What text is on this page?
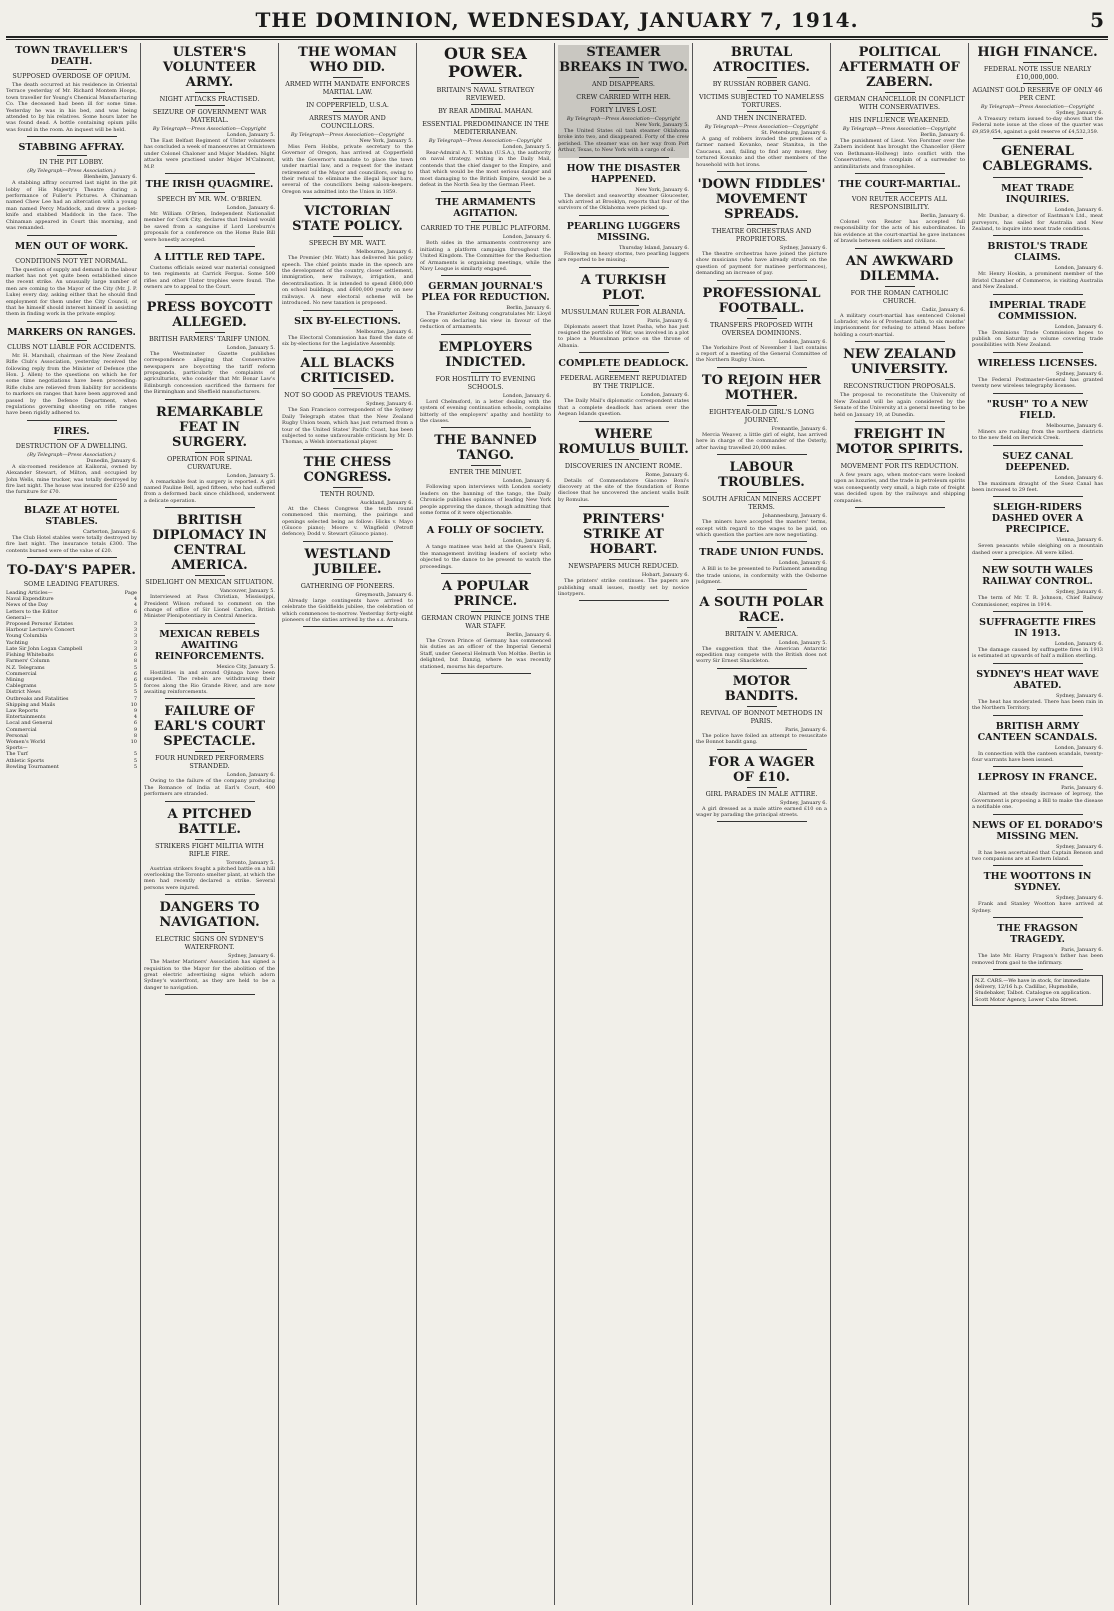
THE DOMINION, WEDNESDAY, JANUARY 7, 1914.	5
TOWN TRAVELLER'S DEATH.
SUPPOSED OVERDOSE OF OPIUM.

The death occurred at his residence in Oriental Terrace yesterday of Mr. Richard Montem Hoops, town traveller for Young's Chemical Manufacturing Co. The deceased had been ill for some time. Yesterday he was in his bed, and was being attended to by his relatives. Some hours later he was found dead. A bottle containing opium pills was found in the room. An inquest will be held.

STABBING AFFRAY.
IN THE PIT LOBBY.
(By Telegraph—Press Association.)
Blenheim, January 6.

A stabbing affray occurred last night in the pit lobby of His Majesty's Theatre during a performance of Fuller's Pictures. A Chinaman named Chew Lee had an altercation with a young man named Percy Maddock, and drew a pocket-knife and stabbed Maddock in the face. The Chinaman appeared in Court this morning, and was remanded.

MEN OUT OF WORK.
CONDITIONS NOT YET NORMAL.

The question of supply and demand in the labour market has not yet quite been established since the recent strike. An unusually large number of men are coming to the Mayor of the City (Mr. J. P. Luke) every day, asking either that he should find employment for them under the City Council, or that he himself should interest himself in assisting them in finding work in the private employ.

MARKERS ON RANGES.
CLUBS NOT LIABLE FOR ACCIDENTS.

Mr. H. Marshall, chairman of the New Zealand Rifle Club's Association, yesterday received the following reply from the Minister of Defence (the Hon. J. Allen) to the questions on which he for some time negotiations have been proceeding: Rifle clubs are relieved from liability for accidents to markers on ranges that have been approved and passed by the Defence Department, when regulations governing shooting on rifle ranges have been rigidly adhered to.

FIRES.
DESTRUCTION OF A DWELLING.
(By Telegraph—Press Association.)
Dunedin, January 6.

A six-roomed residence at Kaikorai, owned by Alexander Stewart, of Milton, and occupied by John Wells, mine trucker, was totally destroyed by fire last night. The house was insured for £250 and the furniture for £70.

BLAZE AT HOTEL STABLES.
Carterton, January 6.

The Club Hotel stables were totally destroyed by fire last night. The insurance totals £300. The contents burned were of the value of £20.

TO-DAY'S PAPER.
SOME LEADING FEATURES.
Leading Articles—	Page
Naval Expenditure	4
News of the Day	4
Letters to the Editor	6
General—
Proposed Persons' Estates	3
Harbour Lecture's Concert	3
Young Columbia	3
Yachting	3
Late Sir John Logan Campbell	3
Fishing Whitebaits	6
Farmers' Column	8
N.Z. Telegrams	5
Commercial	6
Mining	6
Cablegrams	5
District News	5
Outbreaks and Fatalities	7
Shipping and Mails	10
Law Reports	9
Entertainments	4
Local and General	6
Commercial	9
Personal	8
Women's World	10
Sports—
The Turf	5
Athletic Sports	5
Bowling Tournament	5
ULSTER'S VOLUNTEER ARMY.
NIGHT ATTACKS PRACTISED.
SEIZURE OF GOVERNMENT WAR MATERIAL.
By Telegraph—Press Association—Copyright
London, January 5.

The East Belfast Regiment of Ulster volunteers has concluded a week of manoeuvres at Ormistown under Colonel Chaloner and Major Madden. Night attacks were practised under Major M'Calmont, M.P.

THE IRISH QUAGMIRE.
SPEECH BY MR. WM. O'BRIEN.
London, January 6.

Mr. William O'Brien, Independent Nationalist member for Cork City, declares that Ireland would be saved from a sanguine if Lord Loreburn's proposals for a conference on the Home Rule Bill were honestly accepted.

A LITTLE RED TAPE.

Customs officials seized war material consigned to ten regiments at Carrick Fergus. Some 500 rifles and other Ulster trophies were found. The owners are to appeal to the Court.

PRESS BOYCOTT ALLEGED.
BRITISH FARMERS' TARIFF UNION.
London, January 5.

The Westminster Gazette publishes correspondence alleging that Conservative newspapers are boycotting the tariff reform propaganda, particularly the complaints of agriculturists, who consider that Mr. Bonar Law's Edinburgh concession sacrificed the farmers for the Birmingham and Sheffield manufacturers.

REMARKABLE FEAT IN SURGERY.
OPERATION FOR SPINAL CURVATURE.
London, January 5.

A remarkable feat in surgery is reported. A girl named Pauline Bell, aged fifteen, who had suffered from a deformed back since childhood, underwent a delicate operation.

BRITISH DIPLOMACY IN CENTRAL AMERICA.
SIDELIGHT ON MEXICAN SITUATION.
Vancouver, January 5.

Interviewed at Pass Christian, Mississippi, President Wilson refused to comment on the change of office of Sir Lionel Carden, British Minister Plenipotentiary in Central America.

MEXICAN REBELS AWAITING REINFORCEMENTS.
Mexico City, January 5.

Hostilities in and around Ojinaga have been suspended. The rebels are withdrawing their forces along the Rio Grande River, and are now awaiting reinforcements.

FAILURE OF EARL'S COURT SPECTACLE.
FOUR HUNDRED PERFORMERS STRANDED.
London, January 6.

Owing to the failure of the company producing The Romance of India at Earl's Court, 400 performers are stranded.

A PITCHED BATTLE.
STRIKERS FIGHT MILITIA WITH RIFLE FIRE.
Toronto, January 5.

Austrian strikers fought a pitched battle on a hill overlooking the Toronto smelter plant, at which the men had recently declared a strike. Several persons were injured.

DANGERS TO NAVIGATION.
ELECTRIC SIGNS ON SYDNEY'S WATERFRONT.
Sydney, January 6.

The Master Mariners' Association has signed a requisition to the Mayor for the abolition of the great electric advertising signs which adorn Sydney's waterfront, as they are held to be a danger to navigation.

THE WOMAN WHO DID.
ARMED WITH MANDATE ENFORCES MARTIAL LAW.
IN COPPERFIELD, U.S.A.
ARRESTS MAYOR AND COUNCILLORS.
By Telegraph—Press Association—Copyright
New York, January 5.

Miss Fern Hobbs, private secretary to the Governor of Oregon, has arrived at Copperfield with the Governor's mandate to place the town under martial law, and a request for the instant retirement of the Mayor and councillors, owing to their refusal to eliminate the illegal liquor bars, several of the councillors being saloon-keepers. Oregon was admitted into the Union in 1859.

VICTORIAN STATE POLICY.
SPEECH BY MR. WATT.
Melbourne, January 6.

The Premier (Mr. Watt) has delivered his policy speech. The chief points made in the speech are the development of the country, closer settlement, immigration, new railways, irrigation, and decentralisation. It is intended to spend £800,000 on school buildings, and £600,000 yearly on new railways. A new electoral scheme will be introduced. No new taxation is proposed.

SIX BY-ELECTIONS.
Melbourne, January 6.

The Electoral Commission has fixed the date of six by-elections for the Legislative Assembly.

ALL BLACKS CRITICISED.
NOT SO GOOD AS PREVIOUS TEAMS.
Sydney, January 6.

The San Francisco correspondent of the Sydney Daily Telegraph states that the New Zealand Rugby Union team, which has just returned from a tour of the United States' Pacific Coast, has been subjected to some unfavourable criticism by Mr. D. Thomas, a Welsh international player.

THE CHESS CONGRESS.
TENTH ROUND.
Auckland, January 6.

At the Chess Congress the tenth round commenced this morning, the pairings and openings selected being as follow: Hicks v. Mayo (Giuoco piano); Moore v. Wingfield (Petroff defence); Dodd v. Stewart (Giuoco piano).

WESTLAND JUBILEE.
GATHERING OF PIONEERS.
Greymouth, January 6.

Already large contingents have arrived to celebrate the Goldfields jubilee, the celebration of which commences to-morrow. Yesterday forty-eight pioneers of the sixties arrived by the s.s. Arahura.

OUR SEA POWER.
BRITAIN'S NAVAL STRATEGY REVIEWED.
BY REAR ADMIRAL MAHAN.
ESSENTIAL PREDOMINANCE IN THE MEDITERRANEAN.
By Telegraph—Press Association—Copyright
London, January 5.

Rear-Admiral A. T. Mahan (U.S.A.), the authority on naval strategy, writing in the Daily Mail, contends that the chief danger to the Empire, and that which would be the most serious danger and most damaging to the British Empire, would be a defeat in the North Sea by the German Fleet.

THE ARMAMENTS AGITATION.
CARRIED TO THE PUBLIC PLATFORM.
London, January 6.

Both sides in the armaments controversy are initiating a platform campaign throughout the United Kingdom. The Committee for the Reduction of Armaments is organising meetings, while the Navy League is similarly engaged.

GERMAN JOURNAL'S PLEA FOR REDUCTION.
Berlin, January 6.

The Frankfurter Zeitung congratulates Mr. Lloyd George on declaring his view in favour of the reduction of armaments.

EMPLOYERS INDICTED.
FOR HOSTILITY TO EVENING SCHOOLS.
London, January 6.

Lord Chelmsford, in a letter dealing with the system of evening continuation schools, complains bitterly of the employers' apathy and hostility to the classes.

THE BANNED TANGO.
ENTER THE MINUET.
London, January 6.

Following upon interviews with London society leaders on the banning of the tango, the Daily Chronicle publishes opinions of leading New York people approving the dance, though admitting that some forms of it were objectionable.

A FOLLY OF SOCIETY.
London, January 6.

A tango matinee was held at the Queen's Hall, the management inviting leaders of society who objected to the dance to be present to watch the proceedings.

A POPULAR PRINCE.
GERMAN CROWN PRINCE JOINS THE WAR STAFF.
Berlin, January 6.

The Crown Prince of Germany has commenced his duties as an officer of the Imperial General Staff, under General Helmuth Von Moltke. Berlin is delighted, but Danzig, where he was recently stationed, mourns his departure.

STEAMER BREAKS IN TWO.
AND DISAPPEARS.
CREW CARRIED WITH HER.
FORTY LIVES LOST.
By Telegraph—Press Association—Copyright
New York, January 5.

The United States oil tank steamer Oklahoma broke into two, and disappeared. Forty of the crew perished. The steamer was on her way from Port Arthur, Texas, to New York with a cargo of oil.

HOW THE DISASTER HAPPENED.
New York, January 6.

The derelict and seaworthy steamer Gloucester, which arrived at Brooklyn, reports that four of the survivors of the Oklahoma were picked up.

PEARLING LUGGERS MISSING.
Thursday Island, January 6.

Following on heavy storms, two pearling luggers are reported to be missing.

A TURKISH PLOT.
MUSSULMAN RULER FOR ALBANIA.
Paris, January 6.

Diplomats assert that Izzet Pasha, who has just resigned the portfolio of War, was involved in a plot to place a Mussulman prince on the throne of Albania.

COMPLETE DEADLOCK.
FEDERAL AGREEMENT REPUDIATED BY THE TRIPLICE.
London, January 6.

The Daily Mail's diplomatic correspondent states that a complete deadlock has arisen over the Aegean Islands question.

WHERE ROMULUS BUILT.
DISCOVERIES IN ANCIENT ROME.
Rome, January 6.

Details of Commendatore Giacomo Boni's discovery at the site of the foundation of Rome disclose that he uncovered the ancient walls built by Romulus.

PRINTERS' STRIKE AT HOBART.
NEWSPAPERS MUCH REDUCED.
Hobart, January 6.

The printers' strike continues. The papers are publishing small issues, mostly set by novice linotypers.

BRUTAL ATROCITIES.
BY RUSSIAN ROBBER GANG.
VICTIMS SUBJECTED TO NAMELESS TORTURES.
AND THEN INCINERATED.
By Telegraph—Press Association—Copyright
St. Petersburg, January 6.

A gang of robbers invaded the premises of a farmer named Kovanko, near Stanitsa, in the Caucasus, and, failing to find any money, they tortured Kovanko and the other members of the household with hot irons.

'DOWN FIDDLES' MOVEMENT SPREADS.
THEATRE ORCHESTRAS AND PROPRIETORS.
Sydney, January 6.

The theatre orchestras have joined the picture show musicians (who have already struck on the question of payment for matinee performances), demanding an increase of pay.

PROFESSIONAL FOOTBALL.
TRANSFERS PROPOSED WITH OVERSEA DOMINIONS.
London, January 6.

The Yorkshire Post of November 1 last contains a report of a meeting of the General Committee of the Northern Rugby Union.

TO REJOIN HER MOTHER.
EIGHT-YEAR-OLD GIRL'S LONG JOURNEY.
Fremantle, January 6.

Mercia Weaver, a little girl of eight, has arrived here in charge of the commander of the Osterly, after having travelled 20,000 miles.

LABOUR TROUBLES.
SOUTH AFRICAN MINERS ACCEPT TERMS.
Johannesburg, January 6.

The miners have accepted the masters' terms, except with regard to the wages to be paid, on which question the parties are now negotiating.

TRADE UNION FUNDS.
London, January 6.

A Bill is to be presented to Parliament amending the trade unions, in conformity with the Osborne judgment.

A SOUTH POLAR RACE.
BRITAIN V. AMERICA.
London, January 5.

The suggestion that the American Antarctic expedition may compete with the British does not worry Sir Ernest Shackleton.

MOTOR BANDITS.
REVIVAL OF BONNOT METHODS IN PARIS.
Paris, January 6.

The police have foiled an attempt to resuscitate the Bonnot bandit gang.

FOR A WAGER OF £10.
GIRL PARADES IN MALE ATTIRE.
Sydney, January 6.

A girl dressed as a male attire earned £10 on a wager by parading the principal streets.

POLITICAL AFTERMATH OF ZABERN.
GERMAN CHANCELLOR IN CONFLICT WITH CONSERVATIVES.
HIS INFLUENCE WEAKENED.
By Telegraph—Press Association—Copyright
Berlin, January 6.

The punishment of Lieut. Von Forstner over the Zabern incident has brought the Chancellor (Herr von Bethmann-Hollweg) into conflict with the Conservatives, who complain of a surrender to antimilitarists and francophiles.

THE COURT-MARTIAL.
VON REUTER ACCEPTS ALL RESPONSIBILITY.
Berlin, January 6.

Colonel von Reuter has accepted full responsibility for the acts of his subordinates. In his evidence at the court-martial he gave instances of brawls between soldiers and civilians.

AN AWKWARD DILEMMA.
FOR THE ROMAN CATHOLIC CHURCH.
Cadiz, January 6.

A military court-martial has sentenced Colonel Lobrador, who is of Protestant faith, to six months' imprisonment for refusing to attend Mass before holding a court-martial.

NEW ZEALAND UNIVERSITY.
RECONSTRUCTION PROPOSALS.

The proposal to reconstitute the University of New Zealand will be again considered by the Senate of the University at a general meeting to be held on January 19, at Dunedin.

FREIGHT IN MOTOR SPIRITS.
MOVEMENT FOR ITS REDUCTION.

A few years ago, when motor-cars were looked upon as luxuries, and the trade in petroleum spirits was consequently very small, a high rate of freight was decided upon by the railways and shipping companies.

HIGH FINANCE.
FEDERAL NOTE ISSUE NEARLY £10,000,000.
AGAINST GOLD RESERVE OF ONLY 46 PER CENT.
By Telegraph—Press Association—Copyright
Sydney, January 6.

A Treasury return issued to-day shows that the Federal note issue at the close of the quarter was £9,859,654, against a gold reserve of £4,532,359.

GENERAL CABLEGRAMS.
MEAT TRADE INQUIRIES.
London, January 6.

Mr. Dunbar, a director of Eastman's Ltd., meat purveyors, has sailed for Australia and New Zealand, to inquire into meat trade conditions.

BRISTOL'S TRADE CLAIMS.
London, January 6.

Mr. Henry Hoskin, a prominent member of the Bristol Chamber of Commerce, is visiting Australia and New Zealand.

IMPERIAL TRADE COMMISSION.
London, January 6.

The Dominions Trade Commission hopes to publish on Saturday a volume covering trade possibilities with New Zealand.

WIRELESS LICENSES.
Sydney, January 6.

The Federal Postmaster-General has granted twenty new wireless telegraphy licenses.

"RUSH" TO A NEW FIELD.
Melbourne, January 6.

Miners are rushing from the northern districts to the new field on Berwick Creek.

SUEZ CANAL DEEPENED.
London, January 6.

The maximum draught of the Suez Canal has been increased to 29 feet.

SLEIGH-RIDERS DASHED OVER A PRECIPICE.
Vienna, January 6.

Seven peasants while sleighing on a mountain dashed over a precipice. All were killed.

NEW SOUTH WALES RAILWAY CONTROL.
Sydney, January 6.

The term of Mr. T. R. Johnson, Chief Railway Commissioner, expires in 1914.

SUFFRAGETTE FIRES IN 1913.
London, January 6.

The damage caused by suffragette fires in 1913 is estimated at upwards of half a million sterling.

SYDNEY'S HEAT WAVE ABATED.
Sydney, January 6.

The heat has moderated. There has been rain in the Northern Territory.

BRITISH ARMY CANTEEN SCANDALS.
London, January 6.

In connection with the canteen scandals, twenty-four warrants have been issued.

LEPROSY IN FRANCE.
Paris, January 6.

Alarmed at the steady increase of leprosy, the Government is proposing a Bill to make the disease a notifiable one.

NEWS OF EL DORADO'S MISSING MEN.
Sydney, January 6.

It has been ascertained that Captain Benson and two companions are at Eastern Island.

THE WOOTTONS IN SYDNEY.
Sydney, January 6.

Frank and Stanley Wootton have arrived at Sydney.

THE FRAGSON TRAGEDY.
Paris, January 6.

The late Mr. Harry Fragson's father has been removed from gaol to the infirmary.

N.Z. CARS.—We have in stock, for immediate delivery, 12/16 h.p. Cadillac, Hupmobile, Studebaker, Talbot. Catalogue on application. Scott Motor Agency, Lower Cuba Street.
